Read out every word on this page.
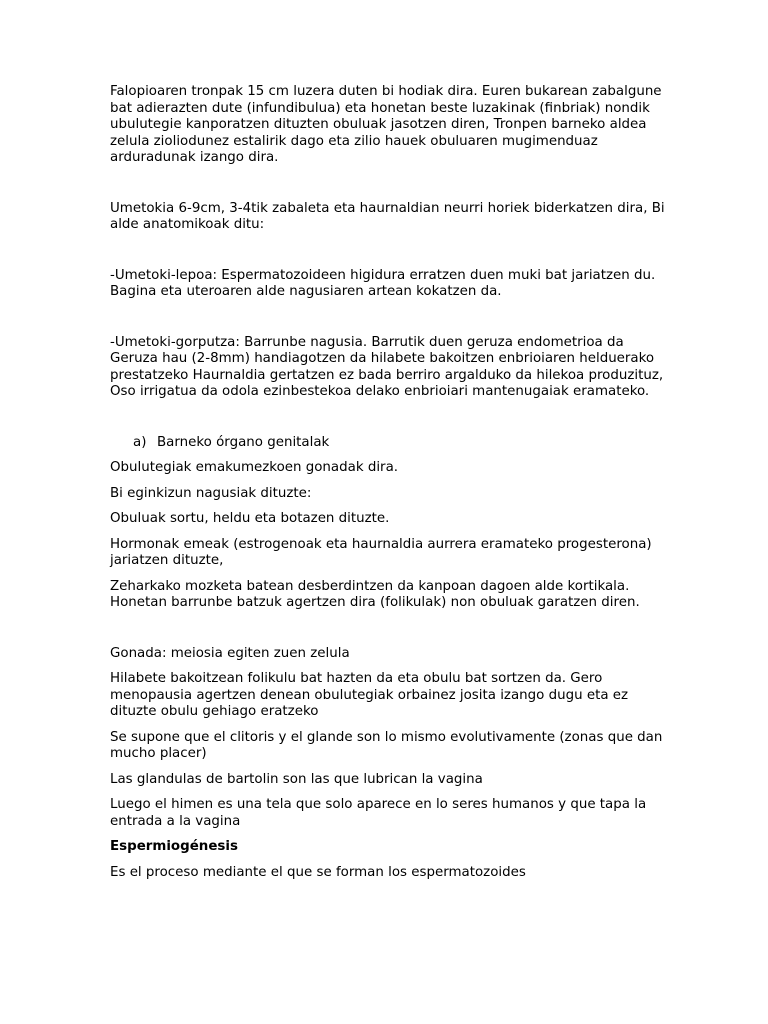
Falopioaren tronpak 15 cm luzera duten bi hodiak dira. Euren bukarean zabalgune bat adierazten dute (infundibulua) eta honetan beste luzakinak (finbriak) nondik ubulutegie kanporatzen dituzten obuluak jasotzen diren, Tronpen barneko aldea zelula zioliodunez estalirik dago eta zilio hauek obuluaren mugimenduaz arduradunak izango dira.

Umetokia 6-9cm, 3-4tik zabaleta eta haurnaldian neurri horiek biderkatzen dira, Bi alde anatomikoak ditu:

-Umetoki-lepoa: Espermatozoideen higidura erratzen duen muki bat jariatzen du. Bagina eta uteroaren alde nagusiaren artean kokatzen da.

-Umetoki-gorputza: Barrunbe nagusia. Barrutik duen geruza endometrioa da Geruza hau (2-8mm) handiagotzen da hilabete bakoitzen enbrioiaren helduerako prestatzeko Haurnaldia gertatzen ez bada berriro argalduko da hilekoa produzituz, Oso irrigatua da odola ezinbestekoa delako enbrioiari mantenugaiak eramateko.

a) Barneko órgano genitalak

Obulutegiak emakumezkoen gonadak dira.

Bi eginkizun nagusiak dituzte:

Obuluak sortu, heldu eta botazen dituzte.

Hormonak emeak (estrogenoak eta haurnaldia aurrera eramateko progesterona) jariatzen dituzte,

Zeharkako mozketa batean desberdintzen da kanpoan dagoen alde kortikala. Honetan barrunbe batzuk agertzen dira (folikulak) non obuluak garatzen diren.

Gonada: meiosia egiten zuen zelula

Hilabete bakoitzean folikulu bat hazten da eta obulu bat sortzen da. Gero menopausia agertzen denean obulutegiak orbainez josita izango dugu eta ez dituzte obulu gehiago eratzeko

Se supone que el clitoris y el glande son lo mismo evolutivamente (zonas que dan mucho placer)

Las glandulas de bartolin son las que lubrican la vagina

Luego el himen es una tela que solo aparece en lo seres humanos y que tapa la entrada a la vagina

Espermiogénesis

Es el proceso mediante el que se forman los espermatozoides
